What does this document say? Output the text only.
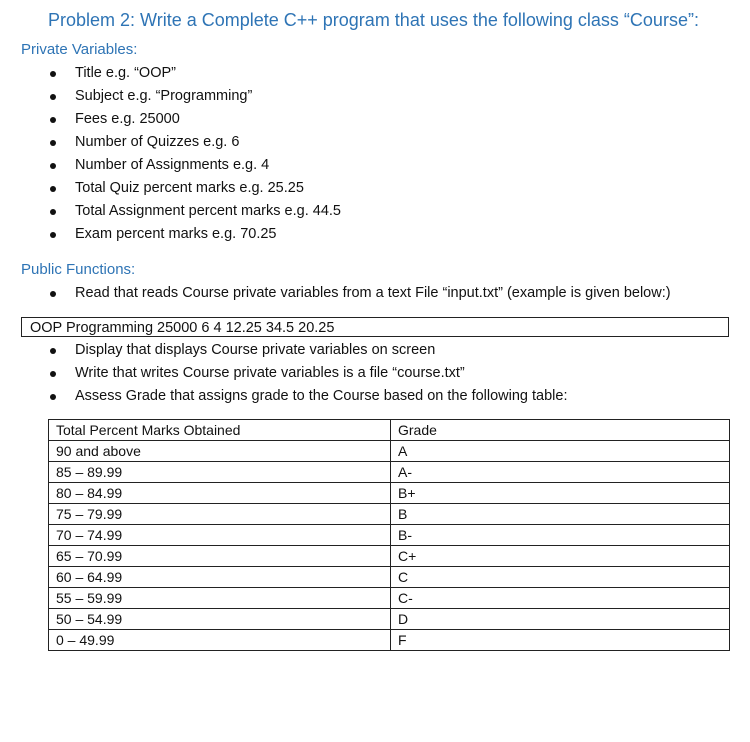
Problem 2: Write a Complete C++ program that uses the following class “Course”:
Private Variables:
Title e.g. “OOP”
Subject e.g. “Programming”
Fees e.g. 25000
Number of Quizzes e.g. 6
Number of Assignments e.g. 4
Total Quiz percent marks e.g. 25.25
Total Assignment percent marks e.g. 44.5
Exam percent marks e.g. 70.25
Public Functions:
Read that reads Course private variables from a text File “input.txt” (example is given below:)
OOP Programming 25000 6 4 12.25 34.5 20.25
Display that displays Course private variables on screen
Write that writes Course private variables is a file “course.txt”
Assess Grade that assigns grade to the Course based on the following table:
Total Percent Marks Obtained	Grade
90 and above	A
85 – 89.99	A-
80 – 84.99	B+
75 – 79.99	B
70 – 74.99	B-
65 – 70.99	C+
60 – 64.99	C
55 – 59.99	C-
50 – 54.99	D
0 – 49.99	F
